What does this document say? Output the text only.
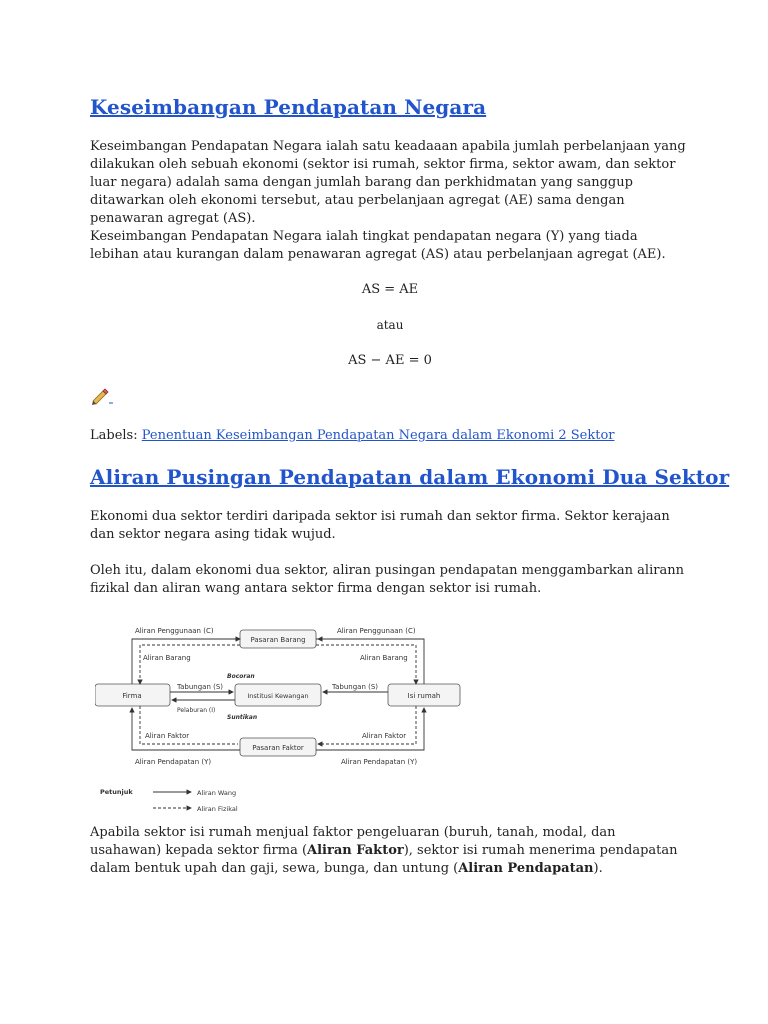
Keseimbangan Pendapatan Negara
Keseimbangan Pendapatan Negara ialah satu keadaaan apabila jumlah perbelanjaan yang dilakukan oleh sebuah ekonomi (sektor isi rumah, sektor firma, sektor awam, dan sektor luar negara) adalah sama dengan jumlah barang dan perkhidmatan yang sanggup ditawarkan oleh ekonomi tersebut, atau perbelanjaan agregat (AE) sama dengan penawaran agregat (AS).
Keseimbangan Pendapatan Negara ialah tingkat pendapatan negara (Y) yang tiada lebihan atau kurangan dalam penawaran agregat (AS) atau perbelanjaan agregat (AE).
AS = AE
atau
AS − AE = 0
Labels: Penentuan Keseimbangan Pendapatan Negara dalam Ekonomi 2 Sektor
Aliran Pusingan Pendapatan dalam Ekonomi Dua Sektor
Ekonomi dua sektor terdiri daripada sektor isi rumah dan sektor firma. Sektor kerajaan dan sektor negara asing tidak wujud.
Oleh itu, dalam ekonomi dua sektor, aliran pusingan pendapatan menggambarkan alirann fizikal dan aliran wang antara sektor firma dengan sektor isi rumah.
Pasaran Barang
Firma	Institusi Kewangan	Isi rumah
Pasaran Faktor
Aliran Penggunaan (C)	Aliran Penggunaan (C)
Aliran Barang	Aliran Barang
Bocoran
Tabungan (S)	Tabungan (S)
Pelaburan (I)
Suntikan
Aliran Faktor	Aliran Faktor
Aliran Pendapatan (Y)	Aliran Pendapatan (Y)
Petunjuk	Aliran Wang
Aliran Fizikal
Apabila sektor isi rumah menjual faktor pengeluaran (buruh, tanah, modal, dan usahawan) kepada sektor firma (Aliran Faktor), sektor isi rumah menerima pendapatan dalam bentuk upah dan gaji, sewa, bunga, dan untung (Aliran Pendapatan).
